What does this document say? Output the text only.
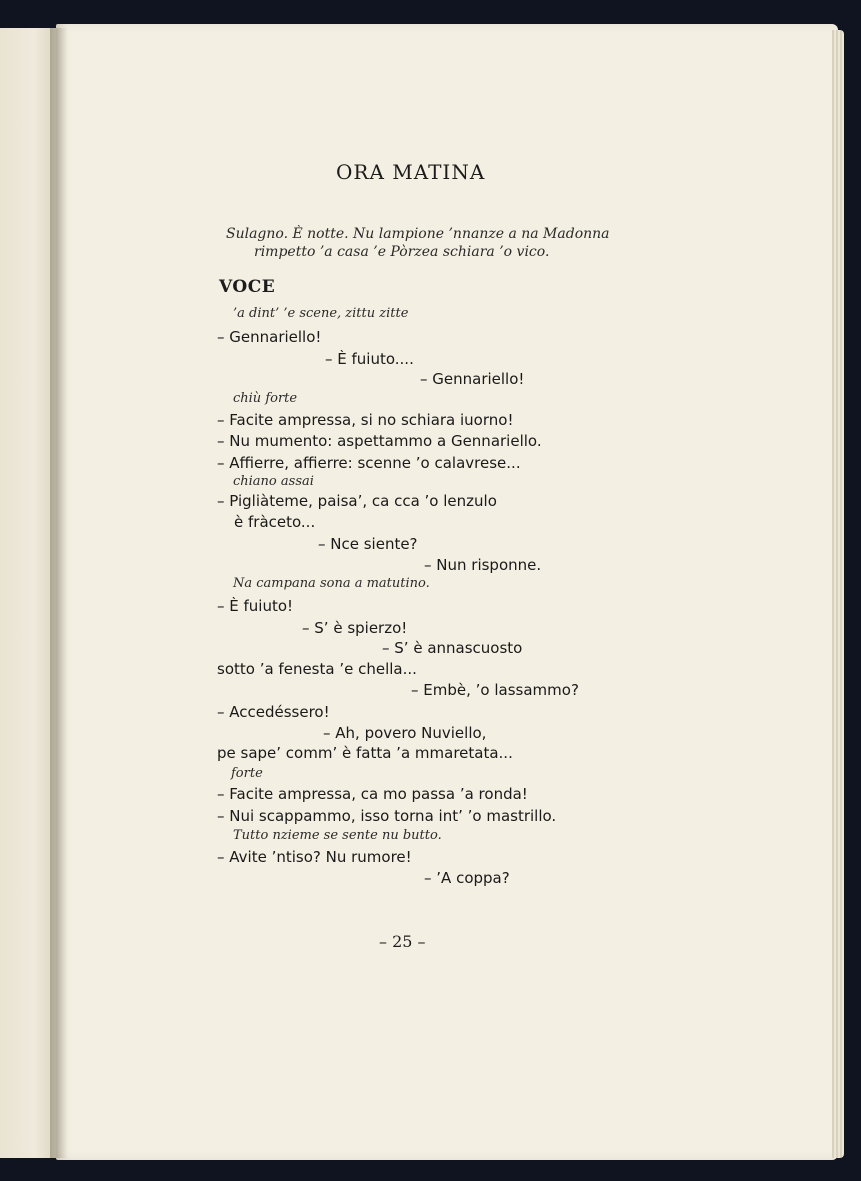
ORA MATINA
Sulagno. È notte. Nu lampione ’nnanze a na Madonna
rimpetto ’a casa ’e Pòrzea schiara ’o vico.
VOCE
’a dint’ ’e scene, zittu zitte
– Gennariello!
– È fuiuto....
– Gennariello!
chiù forte
– Facite ampressa, si no schiara iuorno!
– Nu mumento: aspettammo a Gennariello.
– Affierre, affierre: scenne ’o calavrese...
chiano assai
– Pigliàteme, paisa’, ca cca ’o lenzulo
è fràceto...
– Nce siente?
– Nun risponne.
Na campana sona a matutino.
– È fuiuto!
– S’ è spierzo!
– S’ è annascuosto
sotto ’a fenesta ’e chella...
– Embè, ’o lassammo?
– Accedéssero!
– Ah, povero Nuviello,
pe sape’ comm’ è fatta ’a mmaretata...
forte
– Facite ampressa, ca mo passa ’a ronda!
– Nui scappammo, isso torna int’ ’o mastrillo.
Tutto nzieme se sente nu butto.
– Avite ’ntiso? Nu rumore!
– ’A coppa?
– 25 –
